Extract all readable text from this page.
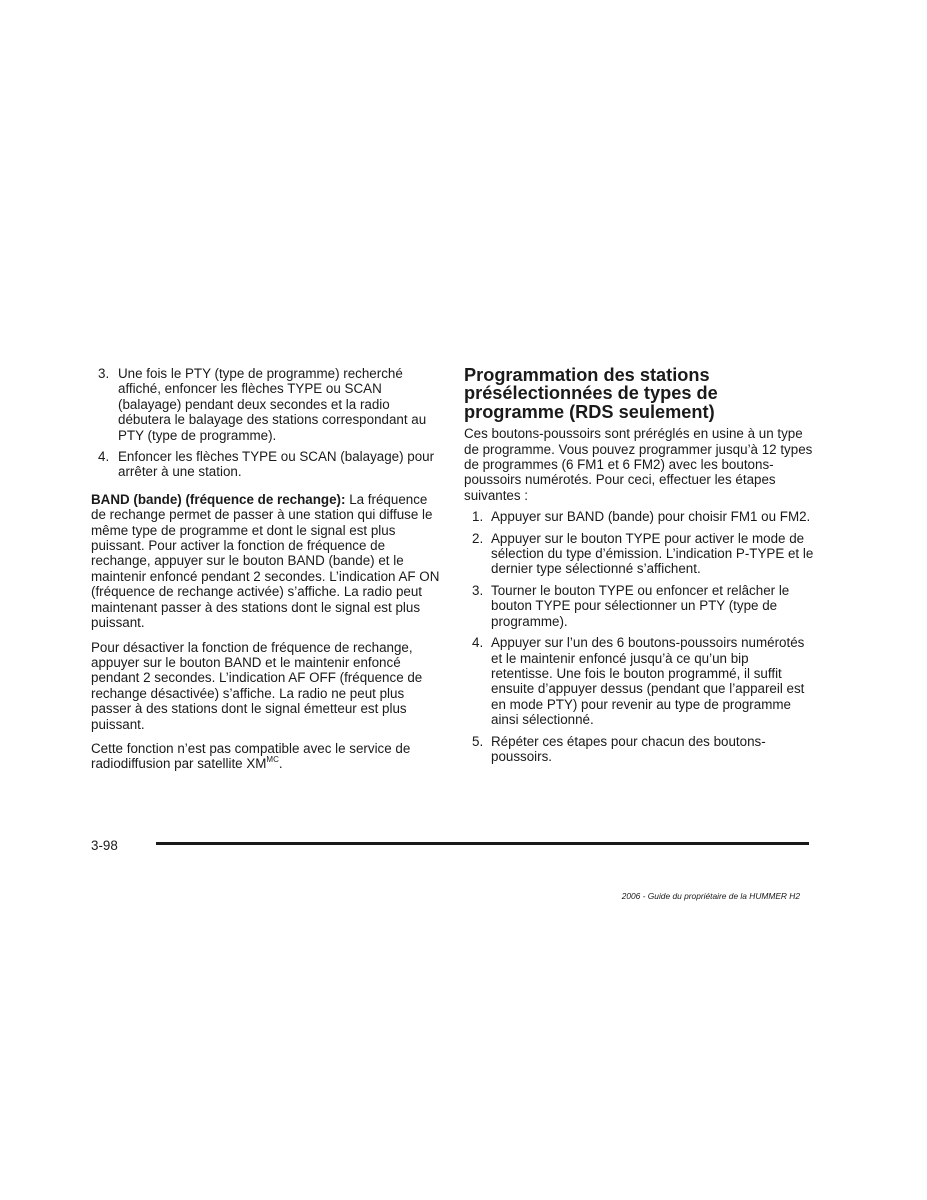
3. Une fois le PTY (type de programme) recherché affiché, enfoncer les flèches TYPE ou SCAN (balayage) pendant deux secondes et la radio débutera le balayage des stations correspondant au PTY (type de programme).
4. Enfoncer les flèches TYPE ou SCAN (balayage) pour arrêter à une station.

BAND (bande) (fréquence de rechange): La fréquence de rechange permet de passer à une station qui diffuse le même type de programme et dont le signal est plus puissant. Pour activer la fonction de fréquence de rechange, appuyer sur le bouton BAND (bande) et le maintenir enfoncé pendant 2 secondes. L’indication AF ON (fréquence de rechange activée) s’affiche. La radio peut maintenant passer à des stations dont le signal est plus puissant.

Pour désactiver la fonction de fréquence de rechange, appuyer sur le bouton BAND et le maintenir enfoncé pendant 2 secondes. L’indication AF OFF (fréquence de rechange désactivée) s’affiche. La radio ne peut plus passer à des stations dont le signal émetteur est plus puissant.

Cette fonction n’est pas compatible avec le service de radiodiffusion par satellite $XM^{MC}$.

Programmation des stations présélectionnées de types de programme (RDS seulement)

Ces boutons-poussoirs sont préréglés en usine à un type de programme. Vous pouvez programmer jusqu’à 12 types de programmes (6 FM1 et 6 FM2) avec les boutons-poussoirs numérotés. Pour ceci, effectuer les étapes suivantes :

1. Appuyer sur BAND (bande) pour choisir FM1 ou FM2.
2. Appuyer sur le bouton TYPE pour activer le mode de sélection du type d’émission. L’indication P-TYPE et le dernier type sélectionné s’affichent.
3. Tourner le bouton TYPE ou enfoncer et relâcher le bouton TYPE pour sélectionner un PTY (type de programme).
4. Appuyer sur l’un des 6 boutons-poussoirs numérotés et le maintenir enfoncé jusqu’à ce qu’un bip retentisse. Une fois le bouton programmé, il suffit ensuite d’appuyer dessus (pendant que l’appareil est en mode PTY) pour revenir au type de programme ainsi sélectionné.
5. Répéter ces étapes pour chacun des boutons-poussoirs.
3-98
2006 - Guide du propriétaire de la HUMMER H2
